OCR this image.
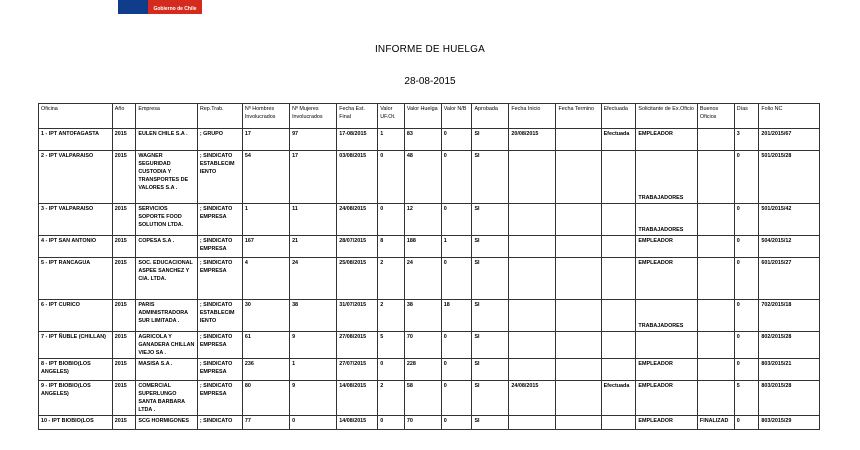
Gobierno de Chile
INFORME DE HUELGA
28-08-2015
Oficina	Año	Empresa	Rep.Trab.	Nº Hombres Involucrados	Nº Mujeres Involucrados	Fecha Est. Final	Valor UF.Ot.	Valor Huelga	Valor N/B	Aprobada	Fecha Inicio	Fecha Termino	Efectuada	Solicitante de Ex.Oficio	Buenos Oficios	Días	Folio NC
1 - IPT ANTOFAGASTA	2015	EULEN CHILE S.A .	; GRUPO	17	97	17-08/2015	1	83	0	SI	20/08/2015		Efectuada	EMPLEADOR		3	201/2015/67
2 - IPT VALPARAISO	2015	WAGNER SEGURIDAD CUSTODIA Y TRANSPORTES DE VALORES S.A .	; SINDICATO ESTABLECIM IENTO	54	17	03/08/2015	0	48	0	SI				TRABAJADORES		0	501/2015/28
3 - IPT VALPARAISO	2015	SERVICIOS SOPORTE FOOD SOLUTION LTDA.	; SINDICATO EMPRESA	1	11	24/08/2015	0	12	0	SI				TRABAJADORES		0	501/2015/42
4 - IPT SAN ANTONIO	2015	COPESA S.A .	; SINDICATO EMPRESA	167	21	28/07/2015	8	188	1	SI				EMPLEADOR		0	504/2015/12
5 - IPT RANCAGUA	2015	SOC. EDUCACIONAL ASPEE SANCHEZ Y CIA. LTDA.	; SINDICATO EMPRESA	4	24	25/08/2015	2	24	0	SI				EMPLEADOR		0	601/2015/27
6 - IPT CURICO	2015	PARIS ADMINISTRADORA SUR LIMITADA .	; SINDICATO ESTABLECIM IENTO	30	38	31/07/2015	2	38	18	SI				TRABAJADORES		0	702/2015/18
7 - IPT ÑUBLE (CHILLAN)	2015	AGRICOLA Y GANADERA CHILLAN VIEJO SA .	; SINDICATO EMPRESA	61	9	27/08/2015	5	70	0	SI						0	802/2015/28
8 - IPT BIOBIO(LOS ANGELES)	2015	MASISA S.A .	; SINDICATO EMPRESA	236	1	27/07/2015	0	228	0	SI				EMPLEADOR		0	803/2015/21
9 - IPT BIOBIO(LOS ANGELES)	2015	COMERCIAL SUPERLUNGO SANTA BARBARA LTDA .	; SINDICATO EMPRESA	80	9	14/08/2015	2	58	0	SI	24/08/2015		Efectuada	EMPLEADOR		5	803/2015/28
10 - IPT BIOBIO(LOS	2015	SCG HORMIGONES	; SINDICATO	77	0	14/08/2015	0	70	0	SI				EMPLEADOR	FINALIZAD	0	803/2015/29
